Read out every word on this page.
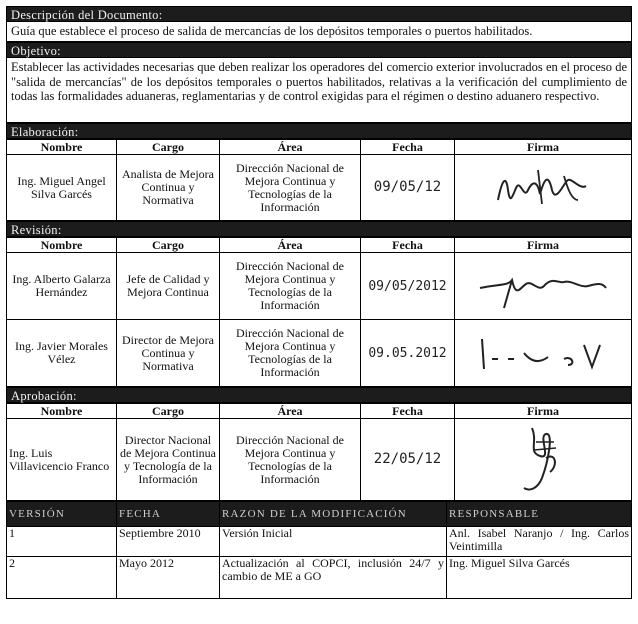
Descripción del Documento:
Guía que establece el proceso de salida de mercancías de los depósitos temporales o puertos habilitados.
Objetivo:
Establecer las actividades necesarias que deben realizar los operadores del comercio exterior involucrados en el proceso de "salida de mercancías" de los depósitos temporales o puertos habilitados, relativas a la verificación del cumplimiento de todas las formalidades aduaneras, reglamentarias y de control exigidas para el régimen o destino aduanero respectivo.
Elaboración:
Nombre	Cargo	Área	Fecha	Firma
Ing. Miguel Angel Silva Garcés	Analista de Mejora Continua y Normativa	Dirección Nacional de Mejora Continua y Tecnologías de la Información	09/05/12	
Revisión:
Nombre	Cargo	Área	Fecha	Firma
Ing. Alberto Galarza Hernández	Jefe de Calidad y Mejora Continua	Dirección Nacional de Mejora Continua y Tecnologías de la Información	09/05/2012	

Ing. Javier Morales Vélez	Director de Mejora Continua y Normativa	Dirección Nacional de Mejora Continua y Tecnologías de la Información	09.05.2012	
Aprobación:
Nombre	Cargo	Área	Fecha	Firma
Ing. Luis Villavicencio Franco	Director Nacional de Mejora Continua y Tecnología de la Información	Dirección Nacional de Mejora Continua y Tecnologías de la Información	22/05/12	
VERSIÓN	FECHA	RAZON DE LA MODIFICACIÓN	RESPONSABLE
1	Septiembre 2010	Versión Inicial	Anl. Isabel Naranjo / Ing. Carlos Veintimilla
2	Mayo 2012	Actualización al COPCI, inclusión 24/7 y cambio de ME a GO	Ing. Miguel Silva Garcés
